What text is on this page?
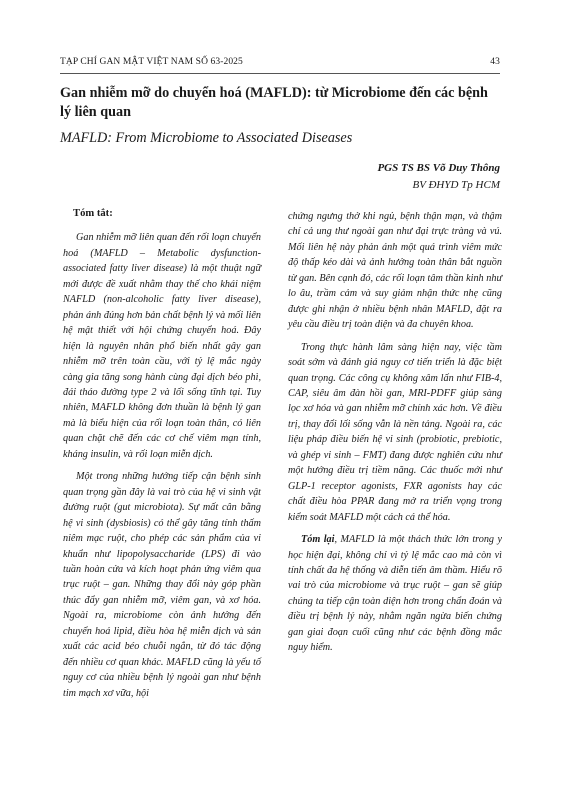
TẠP CHÍ GAN MẬT VIỆT NAM SỐ 63-2025	43
Gan nhiễm mỡ do chuyển hoá (MAFLD): từ Microbiome đến các bệnh lý liên quan
MAFLD: From Microbiome to Associated Diseases
PGS TS BS Võ Duy Thông
BV ĐHYD Tp HCM

Tóm tắt:

Gan nhiễm mỡ liên quan đến rối loạn chuyển hoá (MAFLD – Metabolic dysfunction-associated fatty liver disease) là một thuật ngữ mới được đề xuất nhằm thay thế cho khái niệm NAFLD (non-alcoholic fatty liver disease), phản ánh đúng hơn bản chất bệnh lý và mối liên hệ mật thiết với hội chứng chuyển hoá. Đây hiện là nguyên nhân phổ biến nhất gây gan nhiễm mỡ trên toàn cầu, với tỷ lệ mắc ngày càng gia tăng song hành cùng đại dịch béo phì, đái tháo đường type 2 và lối sống tĩnh tại. Tuy nhiên, MAFLD không đơn thuần là bệnh lý gan mà là biểu hiện của rối loạn toàn thân, có liên quan chặt chẽ đến các cơ chế viêm mạn tính, kháng insulin, và rối loạn miễn dịch.

Một trong những hướng tiếp cận bệnh sinh quan trọng gần đây là vai trò của hệ vi sinh vật đường ruột (gut microbiota). Sự mất cân bằng hệ vi sinh (dysbiosis) có thể gây tăng tính thấm niêm mạc ruột, cho phép các sản phẩm của vi khuẩn như lipopolysaccharide (LPS) đi vào tuần hoàn cửa và kích hoạt phản ứng viêm qua trục ruột – gan. Những thay đổi này góp phần thúc đẩy gan nhiễm mỡ, viêm gan, và xơ hóa. Ngoài ra, microbiome còn ảnh hưởng đến chuyển hoá lipid, điều hòa hệ miễn dịch và sản xuất các acid béo chuỗi ngắn, từ đó tác động đến nhiều cơ quan khác. MAFLD cũng là yếu tố nguy cơ của nhiều bệnh lý ngoài gan như bệnh tim mạch xơ vữa, hội

chứng ngưng thở khi ngủ, bệnh thận mạn, và thậm chí cả ung thư ngoài gan như đại trực tràng và vú. Mối liên hệ này phản ánh một quá trình viêm mức độ thấp kéo dài và ảnh hưởng toàn thân bắt nguồn từ gan. Bên cạnh đó, các rối loạn tâm thần kinh như lo âu, trầm cảm và suy giảm nhận thức nhẹ cũng được ghi nhận ở nhiều bệnh nhân MAFLD, đặt ra yêu cầu điều trị toàn diện và đa chuyên khoa.

Trong thực hành lâm sàng hiện nay, việc tầm soát sớm và đánh giá nguy cơ tiến triển là đặc biệt quan trọng. Các công cụ không xâm lấn như FIB-4, CAP, siêu âm đàn hồi gan, MRI-PDFF giúp sàng lọc xơ hóa và gan nhiễm mỡ chính xác hơn. Về điều trị, thay đổi lối sống vẫn là nền tảng. Ngoài ra, các liệu pháp điều biến hệ vi sinh (probiotic, prebiotic, và ghép vi sinh – FMT) đang được nghiên cứu như một hướng điều trị tiềm năng. Các thuốc mới như GLP-1 receptor agonists, FXR agonists hay các chất điều hòa PPAR đang mở ra triển vọng trong kiểm soát MAFLD một cách cá thể hóa.

Tóm lại, MAFLD là một thách thức lớn trong y học hiện đại, không chỉ vì tỷ lệ mắc cao mà còn vì tính chất đa hệ thống và diễn tiến âm thầm. Hiểu rõ vai trò của microbiome và trục ruột – gan sẽ giúp chúng ta tiếp cận toàn diện hơn trong chẩn đoán và điều trị bệnh lý này, nhằm ngăn ngừa biến chứng gan giai đoạn cuối cũng như các bệnh đồng mắc nguy hiểm.
